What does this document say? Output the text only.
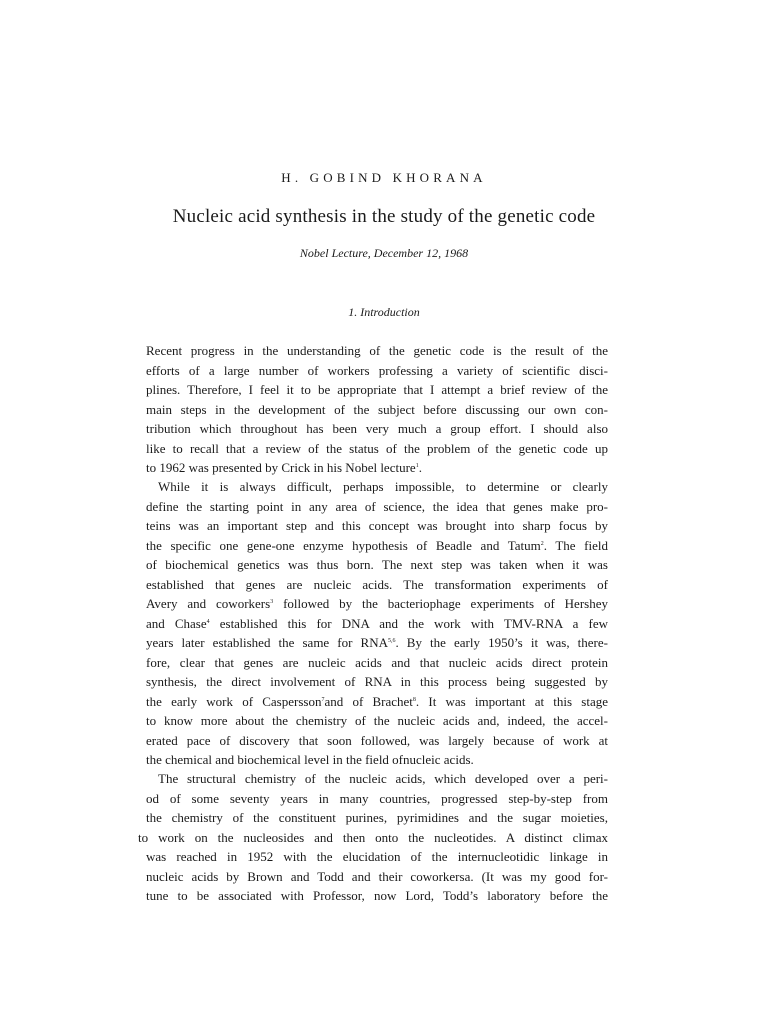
H. GOBIND KHORANA
Nucleic acid synthesis in the study of the genetic code
Nobel Lecture, December 12, 1968
1. Introduction
Recent progress in the understanding of the genetic code is the result of the
efforts of a large number of workers professing a variety of scientific disci-
plines. Therefore, I feel it to be appropriate that I attempt a brief review of the
main steps in the development of the subject before discussing our own con-
tribution which throughout has been very much a group effort. I should also
like to recall that a review of the status of the problem of the genetic code up
to 1962 was presented by Crick in his Nobel lecture$^1$.
While it is always difficult, perhaps impossible, to determine or clearly
define the starting point in any area of science, the idea that genes make pro-
teins was an important step and this concept was brought into sharp focus by
the specific one gene-one enzyme hypothesis of Beadle and Tatum$^2$. The field
of biochemical genetics was thus born. The next step was taken when it was
established that genes are nucleic acids. The transformation experiments of
Avery and coworkers$^3$ followed by the bacteriophage experiments of Hershey
and Chase$^4$ established this for DNA and the work with TMV-RNA a few
years later established the same for RNA$^{5,6}$. By the early 1950’s it was, there-
fore, clear that genes are nucleic acids and that nucleic acids direct protein
synthesis, the direct involvement of RNA in this process being suggested by
the early work of Caspersson$^7$and of Brachet$^8$. It was important at this stage
to know more about the chemistry of the nucleic acids and, indeed, the accel-
erated pace of discovery that soon followed, was largely because of work at
the chemical and biochemical level in the field ofnucleic acids.
The structural chemistry of the nucleic acids, which developed over a peri-
od of some seventy years in many countries, progressed step-by-step from
the chemistry of the constituent purines, pyrimidines and the sugar moieties,
to work on the nucleosides and then onto the nucleotides. A distinct climax
was reached in 1952 with the elucidation of the internucleotidic linkage in
nucleic acids by Brown and Todd and their coworkersa. (It was my good for-
tune to be associated with Professor, now Lord, Todd’s laboratory before the
